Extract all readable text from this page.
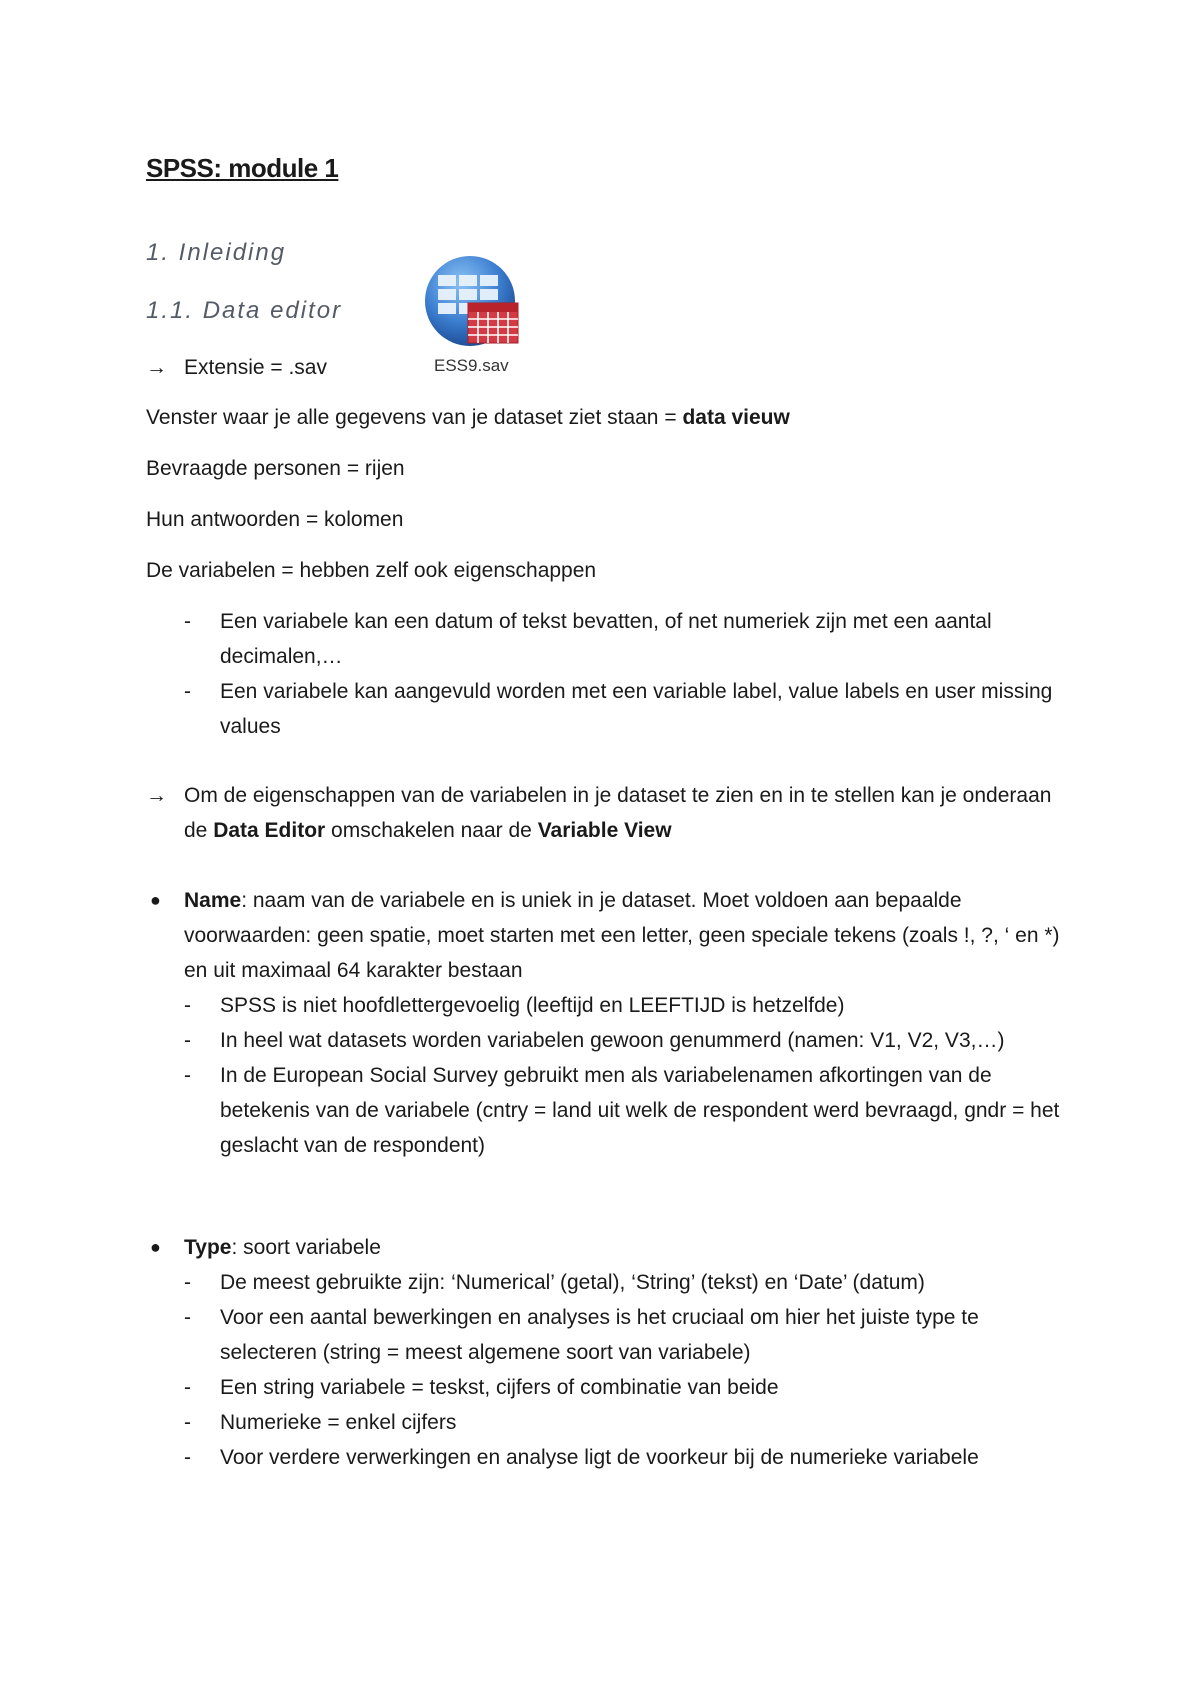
SPSS: module 1
1. Inleiding
1.1. Data editor
→ Extensie = .sav	ESS9.sav
Venster waar je alle gegevens van je dataset ziet staan = data vieuw
Bevraagde personen = rijen
Hun antwoorden = kolomen
De variabelen = hebben zelf ook eigenschappen
- Een variabele kan een datum of tekst bevatten, of net numeriek zijn met een aantal decimalen,…
- Een variabele kan aangevuld worden met een variable label, value labels en user missing values
→ Om de eigenschappen van de variabelen in je dataset te zien en in te stellen kan je onderaan de Data Editor omschakelen naar de Variable View
●	Name: naam van de variabele en is uniek in je dataset. Moet voldoen aan bepaalde voorwaarden: geen spatie, moet starten met een letter, geen speciale tekens (zoals !, ?, ‘ en *) en uit maximaal 64 karakter bestaan
- SPSS is niet hoofdlettergevoelig (leeftijd en LEEFTIJD is hetzelfde)
- In heel wat datasets worden variabelen gewoon genummerd (namen: V1, V2, V3,…)
- In de European Social Survey gebruikt men als variabelenamen afkortingen van de betekenis van de variabele (cntry = land uit welk de respondent werd bevraagd, gndr = het geslacht van de respondent)
●	Type: soort variabele
- De meest gebruikte zijn: ‘Numerical’ (getal), ‘String’ (tekst) en ‘Date’ (datum)
- Voor een aantal bewerkingen en analyses is het cruciaal om hier het juiste type te selecteren (string = meest algemene soort van variabele)
- Een string variabele = teskst, cijfers of combinatie van beide
- Numerieke = enkel cijfers
- Voor verdere verwerkingen en analyse ligt de voorkeur bij de numerieke variabele
